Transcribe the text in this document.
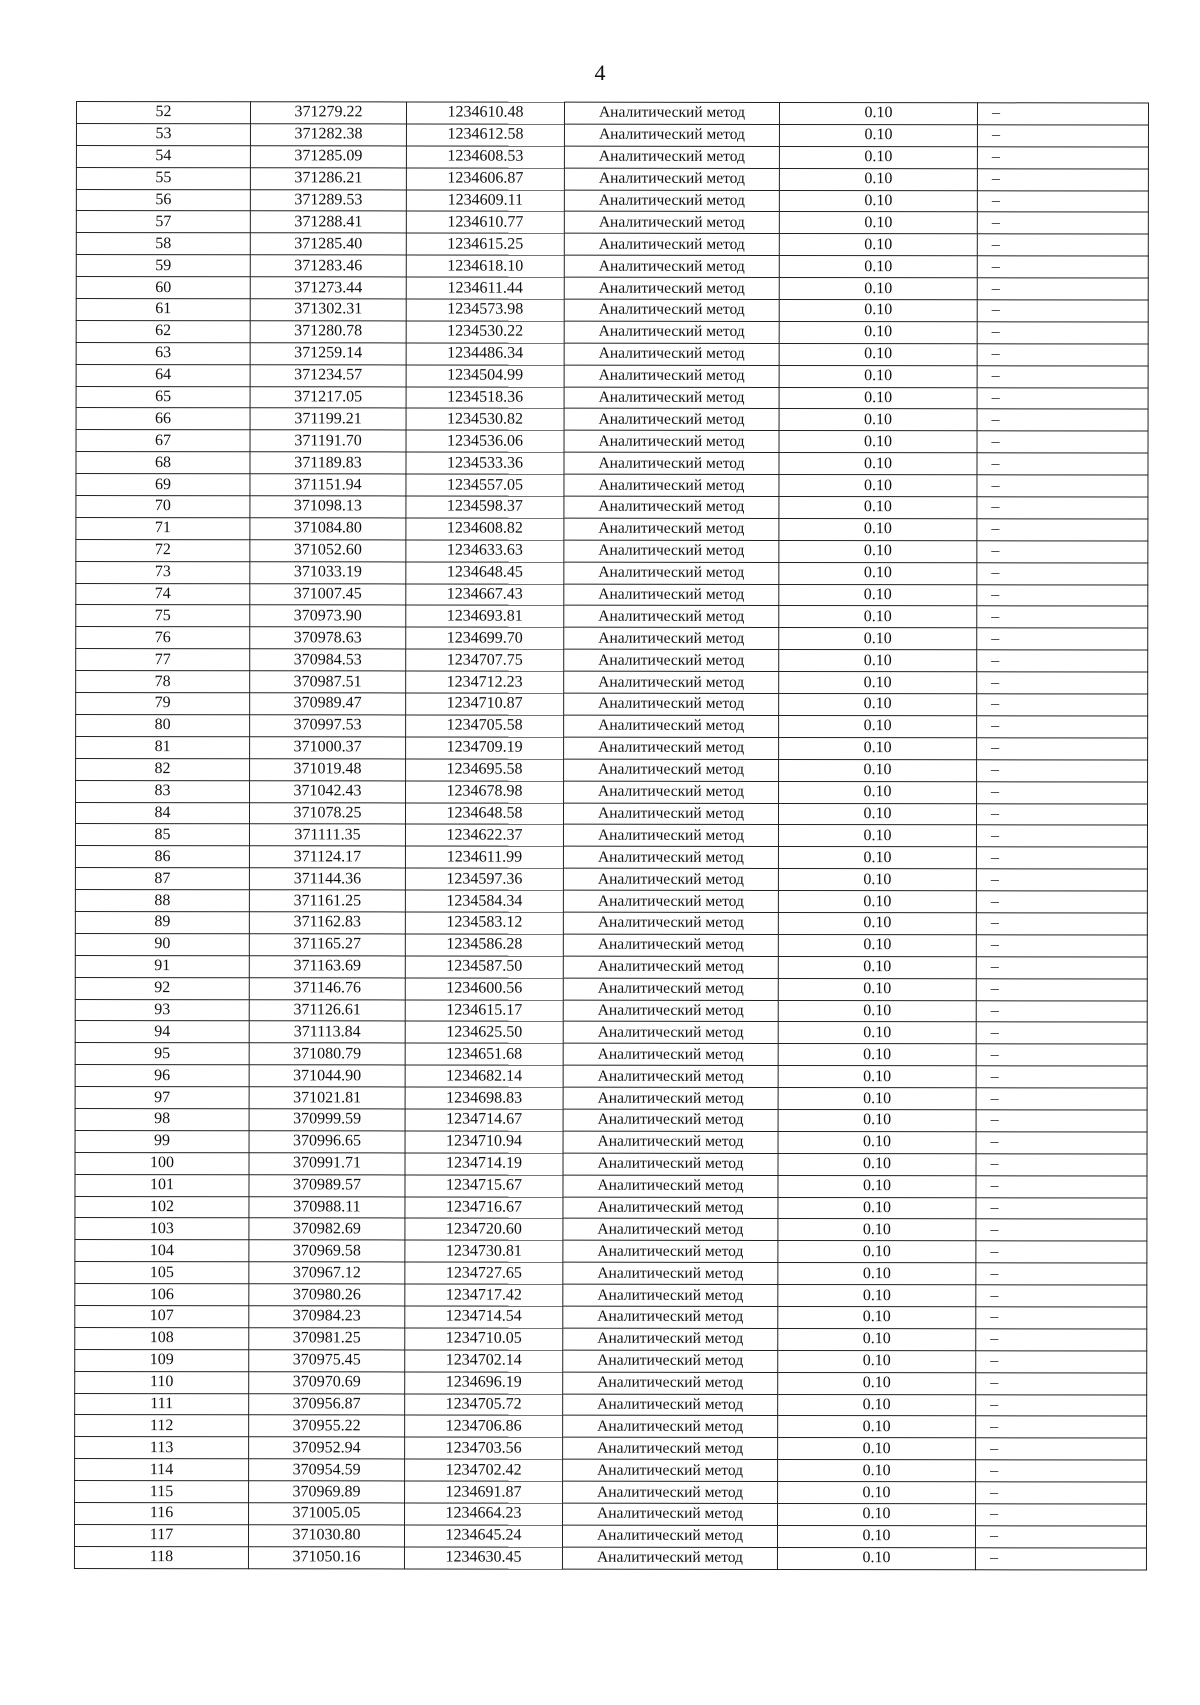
4
52	371279.22	1234610.48	Аналитический метод	0.10	–
53	371282.38	1234612.58	Аналитический метод	0.10	–
54	371285.09	1234608.53	Аналитический метод	0.10	–
55	371286.21	1234606.87	Аналитический метод	0.10	–
56	371289.53	1234609.11	Аналитический метод	0.10	–
57	371288.41	1234610.77	Аналитический метод	0.10	–
58	371285.40	1234615.25	Аналитический метод	0.10	–
59	371283.46	1234618.10	Аналитический метод	0.10	–
60	371273.44	1234611.44	Аналитический метод	0.10	–
61	371302.31	1234573.98	Аналитический метод	0.10	–
62	371280.78	1234530.22	Аналитический метод	0.10	–
63	371259.14	1234486.34	Аналитический метод	0.10	–
64	371234.57	1234504.99	Аналитический метод	0.10	–
65	371217.05	1234518.36	Аналитический метод	0.10	–
66	371199.21	1234530.82	Аналитический метод	0.10	–
67	371191.70	1234536.06	Аналитический метод	0.10	–
68	371189.83	1234533.36	Аналитический метод	0.10	–
69	371151.94	1234557.05	Аналитический метод	0.10	–
70	371098.13	1234598.37	Аналитический метод	0.10	–
71	371084.80	1234608.82	Аналитический метод	0.10	–
72	371052.60	1234633.63	Аналитический метод	0.10	–
73	371033.19	1234648.45	Аналитический метод	0.10	–
74	371007.45	1234667.43	Аналитический метод	0.10	–
75	370973.90	1234693.81	Аналитический метод	0.10	–
76	370978.63	1234699.70	Аналитический метод	0.10	–
77	370984.53	1234707.75	Аналитический метод	0.10	–
78	370987.51	1234712.23	Аналитический метод	0.10	–
79	370989.47	1234710.87	Аналитический метод	0.10	–
80	370997.53	1234705.58	Аналитический метод	0.10	–
81	371000.37	1234709.19	Аналитический метод	0.10	–
82	371019.48	1234695.58	Аналитический метод	0.10	–
83	371042.43	1234678.98	Аналитический метод	0.10	–
84	371078.25	1234648.58	Аналитический метод	0.10	–
85	371111.35	1234622.37	Аналитический метод	0.10	–
86	371124.17	1234611.99	Аналитический метод	0.10	–
87	371144.36	1234597.36	Аналитический метод	0.10	–
88	371161.25	1234584.34	Аналитический метод	0.10	–
89	371162.83	1234583.12	Аналитический метод	0.10	–
90	371165.27	1234586.28	Аналитический метод	0.10	–
91	371163.69	1234587.50	Аналитический метод	0.10	–
92	371146.76	1234600.56	Аналитический метод	0.10	–
93	371126.61	1234615.17	Аналитический метод	0.10	–
94	371113.84	1234625.50	Аналитический метод	0.10	–
95	371080.79	1234651.68	Аналитический метод	0.10	–
96	371044.90	1234682.14	Аналитический метод	0.10	–
97	371021.81	1234698.83	Аналитический метод	0.10	–
98	370999.59	1234714.67	Аналитический метод	0.10	–
99	370996.65	1234710.94	Аналитический метод	0.10	–
100	370991.71	1234714.19	Аналитический метод	0.10	–
101	370989.57	1234715.67	Аналитический метод	0.10	–
102	370988.11	1234716.67	Аналитический метод	0.10	–
103	370982.69	1234720.60	Аналитический метод	0.10	–
104	370969.58	1234730.81	Аналитический метод	0.10	–
105	370967.12	1234727.65	Аналитический метод	0.10	–
106	370980.26	1234717.42	Аналитический метод	0.10	–
107	370984.23	1234714.54	Аналитический метод	0.10	–
108	370981.25	1234710.05	Аналитический метод	0.10	–
109	370975.45	1234702.14	Аналитический метод	0.10	–
110	370970.69	1234696.19	Аналитический метод	0.10	–
111	370956.87	1234705.72	Аналитический метод	0.10	–
112	370955.22	1234706.86	Аналитический метод	0.10	–
113	370952.94	1234703.56	Аналитический метод	0.10	–
114	370954.59	1234702.42	Аналитический метод	0.10	–
115	370969.89	1234691.87	Аналитический метод	0.10	–
116	371005.05	1234664.23	Аналитический метод	0.10	–
117	371030.80	1234645.24	Аналитический метод	0.10	–
118	371050.16	1234630.45	Аналитический метод	0.10	–
